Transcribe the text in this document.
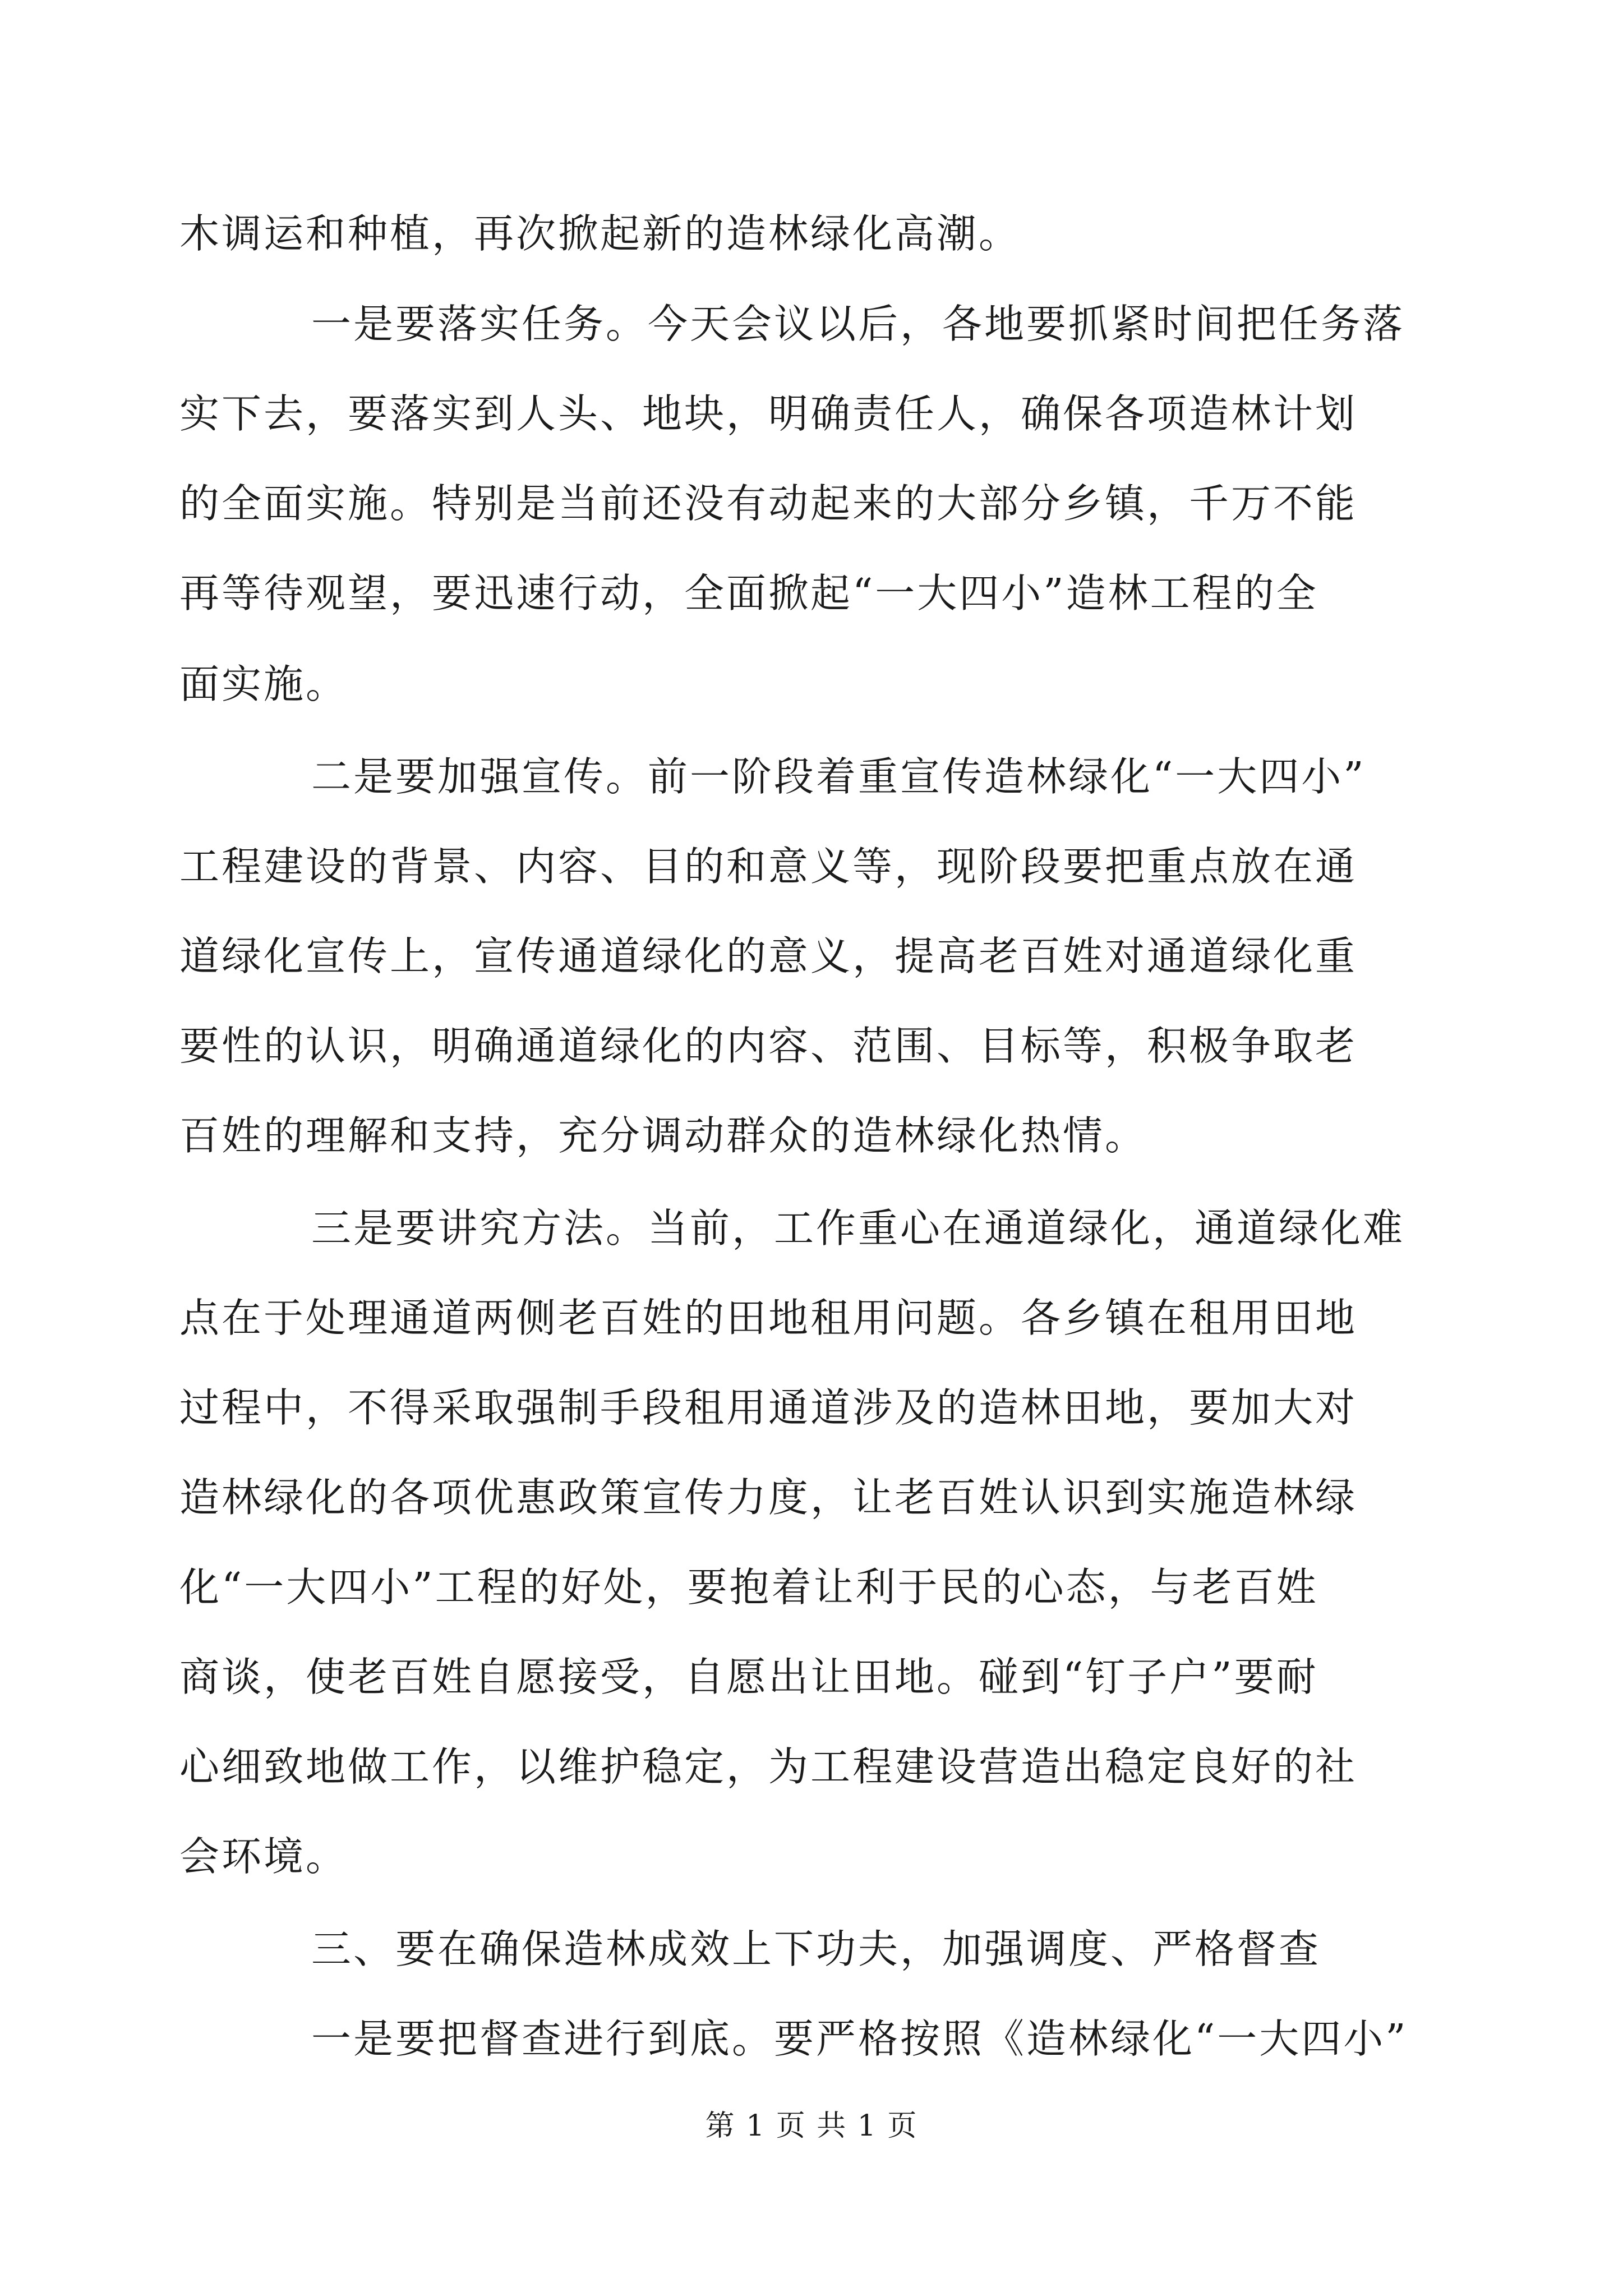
木调运和种植，再次掀起新的造林绿化高潮。
一是要落实任务。今天会议以后，各地要抓紧时间把任务落
实下去，要落实到人头、地块，明确责任人，确保各项造林计划
的全面实施。特别是当前还没有动起来的大部分乡镇，千万不能
再等待观望，要迅速行动，全面掀起“一大四小”造林工程的全
面实施。
二是要加强宣传。前一阶段着重宣传造林绿化“一大四小”
工程建设的背景、内容、目的和意义等，现阶段要把重点放在通
道绿化宣传上，宣传通道绿化的意义，提高老百姓对通道绿化重
要性的认识，明确通道绿化的内容、范围、目标等，积极争取老
百姓的理解和支持，充分调动群众的造林绿化热情。
三是要讲究方法。当前，工作重心在通道绿化，通道绿化难
点在于处理通道两侧老百姓的田地租用问题。各乡镇在租用田地
过程中，不得采取强制手段租用通道涉及的造林田地，要加大对
造林绿化的各项优惠政策宣传力度，让老百姓认识到实施造林绿
化“一大四小”工程的好处，要抱着让利于民的心态，与老百姓
商谈，使老百姓自愿接受，自愿出让田地。碰到“钉子户”要耐
心细致地做工作，以维护稳定，为工程建设营造出稳定良好的社
会环境。
三、要在确保造林成效上下功夫，加强调度、严格督查
一是要把督查进行到底。要严格按照《造林绿化“一大四小”
第 1 页 共 1 页
